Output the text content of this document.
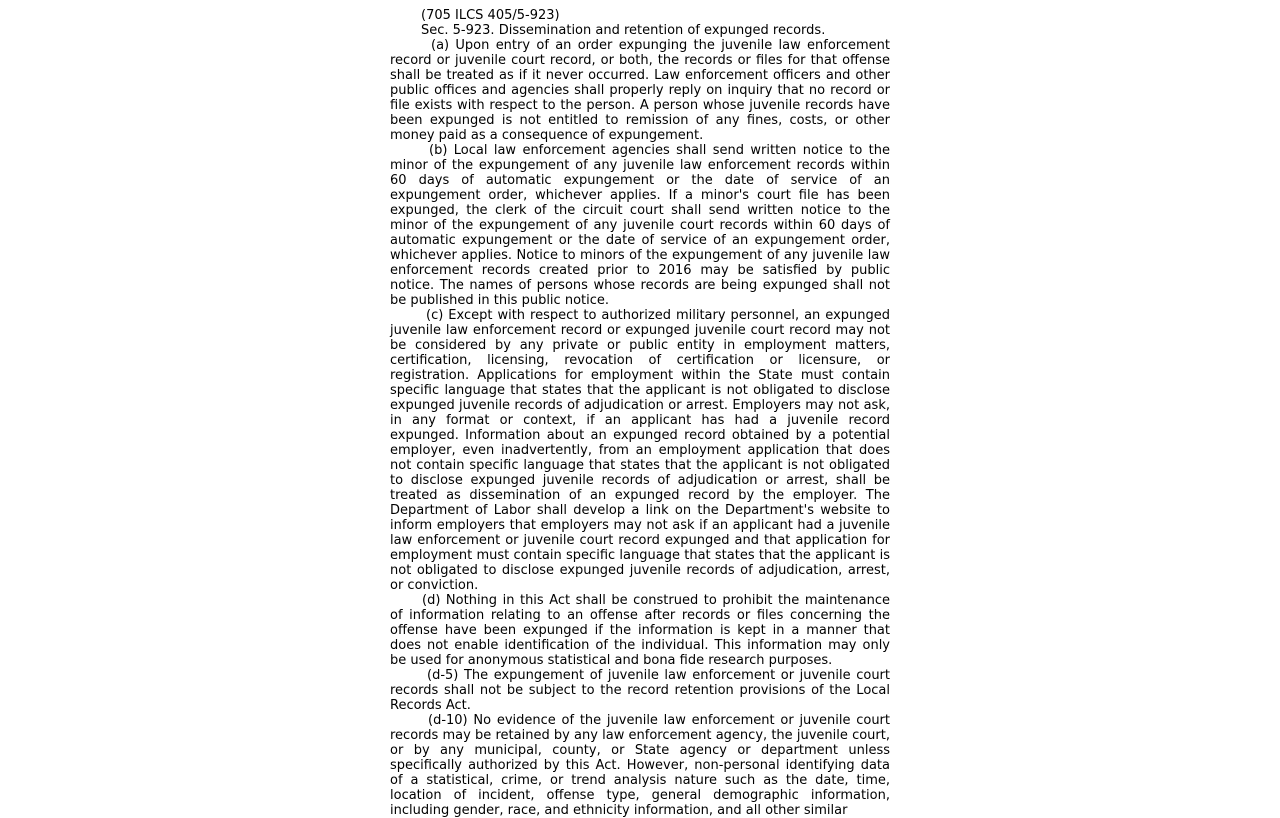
(705 ILCS 405/5-923)

Sec. 5-923. Dissemination and retention of expunged records.

(a) Upon entry of an order expunging the juvenile law enforcement record or juvenile court record, or both, the records or files for that offense shall be treated as if it never occurred. Law enforcement officers and other public offices and agencies shall properly reply on inquiry that no record or file exists with respect to the person. A person whose juvenile records have been expunged is not entitled to remission of any fines, costs, or other money paid as a consequence of expungement.

(b) Local law enforcement agencies shall send written notice to the minor of the expungement of any juvenile law enforcement records within 60 days of automatic expungement or the date of service of an expungement order, whichever applies. If a minor's court file has been expunged, the clerk of the circuit court shall send written notice to the minor of the expungement of any juvenile court records within 60 days of automatic expungement or the date of service of an expungement order, whichever applies. Notice to minors of the expungement of any juvenile law enforcement records created prior to 2016 may be satisfied by public notice. The names of persons whose records are being expunged shall not be published in this public notice.

(c) Except with respect to authorized military personnel, an expunged juvenile law enforcement record or expunged juvenile court record may not be considered by any private or public entity in employment matters, certification, licensing, revocation of certification or licensure, or registration. Applications for employment within the State must contain specific language that states that the applicant is not obligated to disclose expunged juvenile records of adjudication or arrest. Employers may not ask, in any format or context, if an applicant has had a juvenile record expunged. Information about an expunged record obtained by a potential employer, even inadvertently, from an employment application that does not contain specific language that states that the applicant is not obligated to disclose expunged juvenile records of adjudication or arrest, shall be treated as dissemination of an expunged record by the employer. The Department of Labor shall develop a link on the Department's website to inform employers that employers may not ask if an applicant had a juvenile law enforcement or juvenile court record expunged and that application for employment must contain specific language that states that the applicant is not obligated to disclose expunged juvenile records of adjudication, arrest, or conviction.

(d) Nothing in this Act shall be construed to prohibit the maintenance of information relating to an offense after records or files concerning the offense have been expunged if the information is kept in a manner that does not enable identification of the individual. This information may only be used for anonymous statistical and bona fide research purposes.

(d-5) The expungement of juvenile law enforcement or juvenile court records shall not be subject to the record retention provisions of the Local Records Act.

(d-10) No evidence of the juvenile law enforcement or juvenile court records may be retained by any law enforcement agency, the juvenile court, or by any municipal, county, or State agency or department unless specifically authorized by this Act. However, non-personal identifying data of a statistical, crime, or trend analysis nature such as the date, time, location of incident, offense type, general demographic information, including gender, race, and ethnicity information, and all other similar
